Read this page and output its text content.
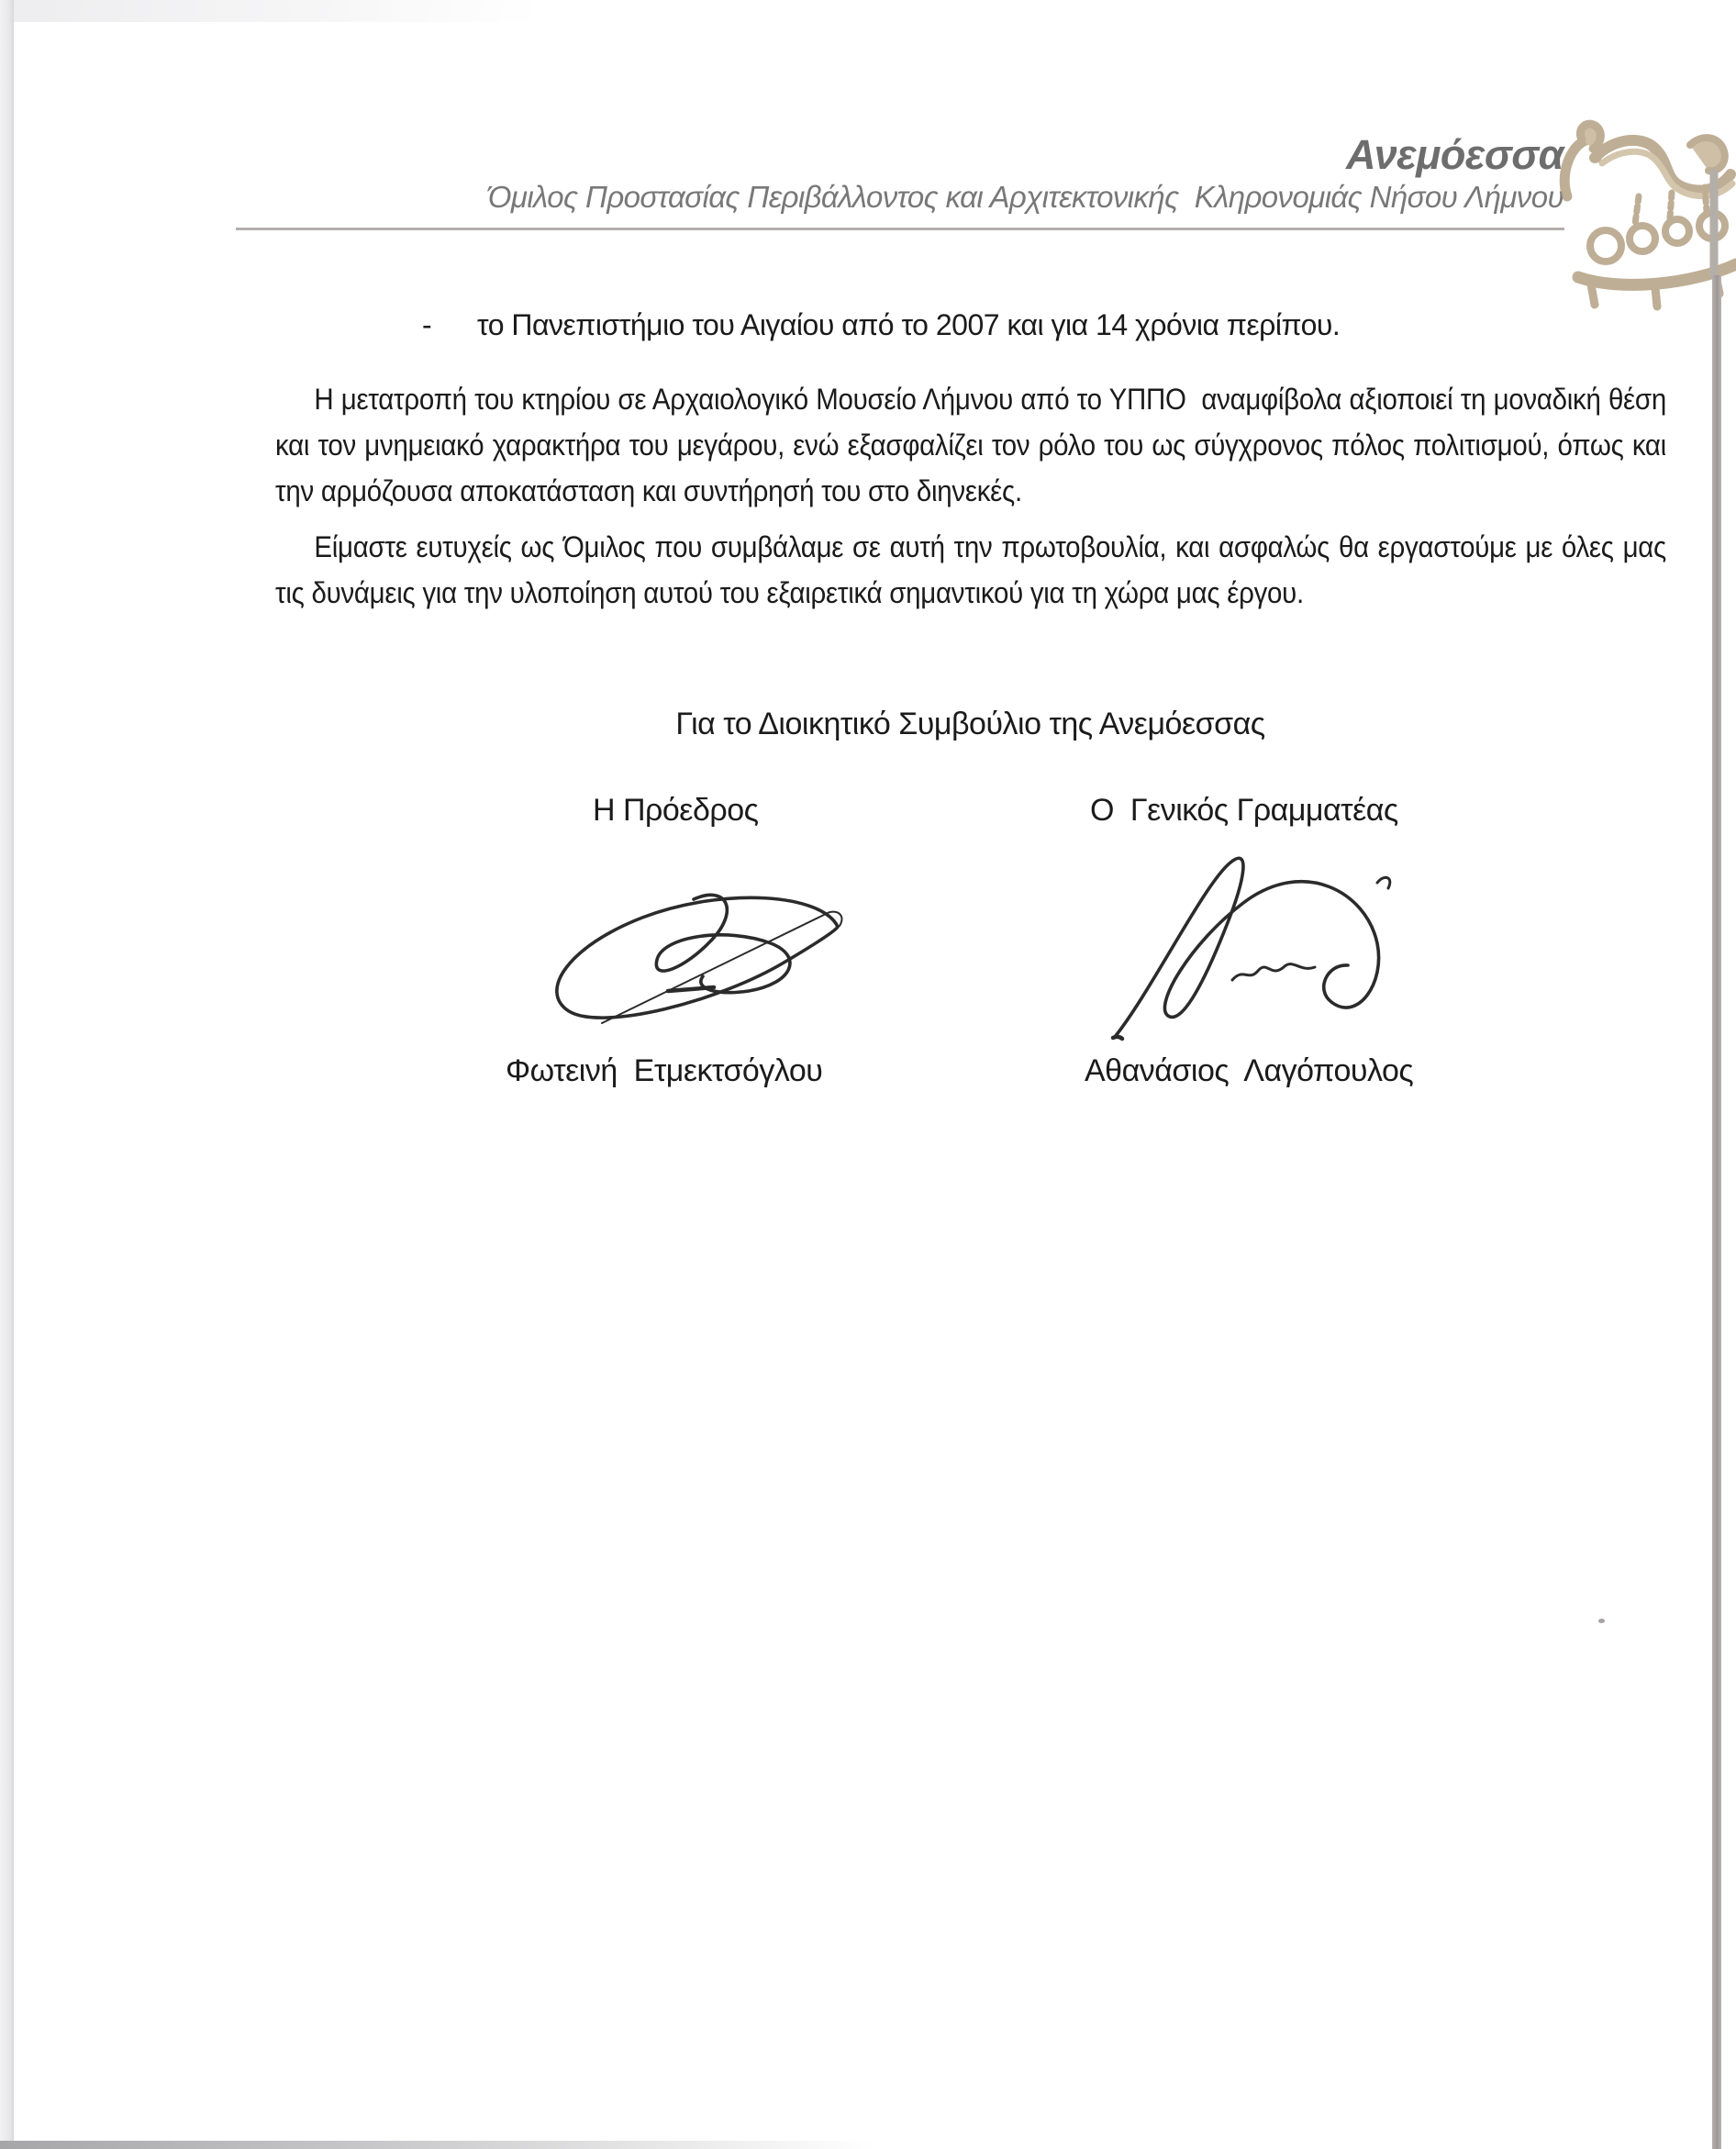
Ανεμόεσσα
Όμιλος Προστασίας Περιβάλλοντος και Αρχιτεκτονικής  Κληρονομιάς Νήσου Λήμνου
- το Πανεπιστήμιο του Αιγαίου από το 2007 και για 14 χρόνια περίπου.
Η μετατροπή του κτηρίου σε Αρχαιολογικό Μουσείο Λήμνου από το ΥΠΠΟ  αναμφίβολα αξιοποιεί τη μοναδική θέση και τον μνημειακό χαρακτήρα του μεγάρου, ενώ εξασφαλίζει τον ρόλο του ως σύγχρονος πόλος πολιτισμού, όπως και  την αρμόζουσα αποκατάσταση και συντήρησή του στο διηνεκές.
Είμαστε ευτυχείς ως Όμιλος που συμβάλαμε σε αυτή την πρωτοβουλία, και ασφαλώς θα εργαστούμε με όλες μας τις δυνάμεις για την υλοποίηση αυτού του εξαιρετικά σημαντικού για τη χώρα μας έργου.
Για το Διοικητικό Συμβούλιο της Ανεμόεσσας
Η Πρόεδρος	Ο  Γενικός Γραμματέας
Φωτεινή  Ετμεκτσόγλου	Αθανάσιος  Λαγόπουλος
